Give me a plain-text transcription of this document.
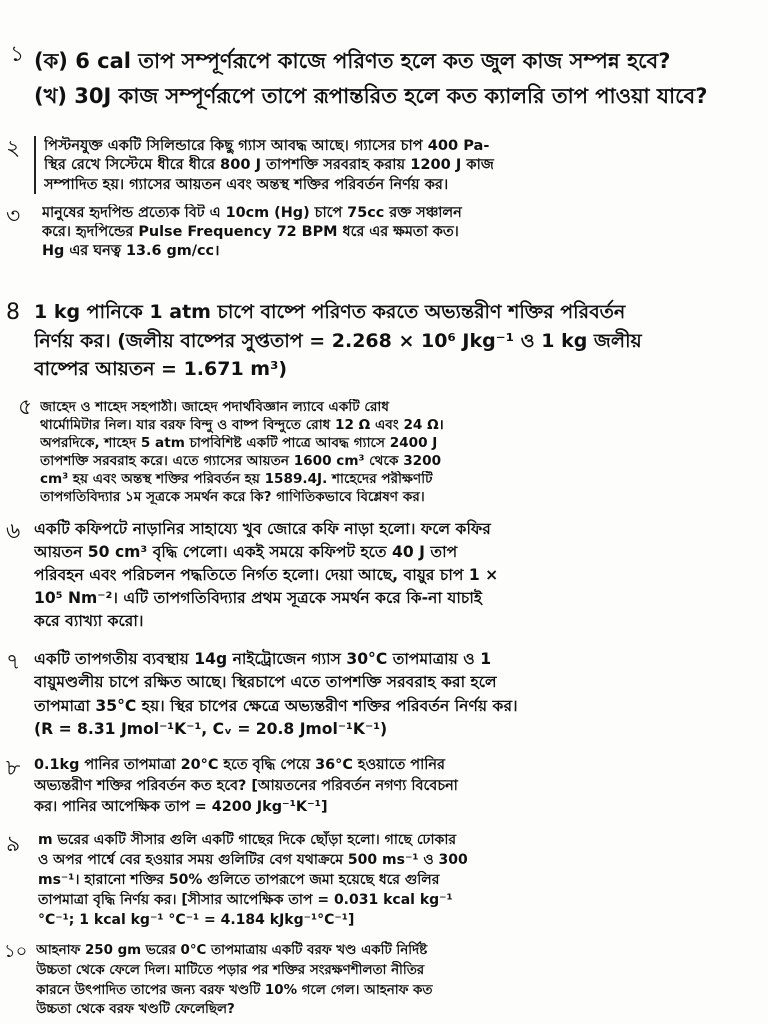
১ (ক) 6 cal তাপ সম্পূর্ণরূপে কাজে পরিণত হলে কত জুল কাজ সম্পন্ন হবে?
(খ) 30J কাজ সম্পূর্ণরূপে তাপে রূপান্তরিত হলে কত ক্যালরি তাপ পাওয়া যাবে?
২ পিস্টনযুক্ত একটি সিলিন্ডারে কিছু গ্যাস আবদ্ধ আছে। গ্যাসের চাপ 400 Pa-
স্থির রেখে সিস্টেমে ধীরে ধীরে 800 J তাপশক্তি সরবরাহ করায় 1200 J কাজ
সম্পাদিত হয়। গ্যাসের আয়তন এবং অন্তস্থ শক্তির পরিবর্তন নির্ণয় কর।
৩ মানুষের হৃদপিন্ড প্রত্যেক বিট এ 10cm (Hg) চাপে 75cc রক্ত সঞ্চালন
করে। হৃদপিন্ডের Pulse Frequency 72 BPM ধরে এর ক্ষমতা কত।
Hg এর ঘনত্ব 13.6 gm/cc।
8 1 kg পানিকে 1 atm চাপে বাষ্পে পরিণত করতে অভ্যন্তরীণ শক্তির পরিবর্তন
নির্ণয় কর। (জলীয় বাষ্পের সুপ্ততাপ = 2.268 × 10⁶ Jkg⁻¹ ও 1 kg জলীয়
বাষ্পের আয়তন = 1.671 m³)
৫ জাহেদ ও শাহেদ সহপাঠী। জাহেদ পদার্থবিজ্ঞান ল্যাবে একটি রোধ
থার্মোমিটার নিল। যার বরফ বিন্দু ও বাষ্প বিন্দুতে রোধ 12 Ω এবং 24 Ω।
অপরদিকে, শাহেদ 5 atm চাপবিশিষ্ট একটি পাত্রে আবদ্ধ গ্যাসে 2400 J
তাপশক্তি সরবরাহ করে। এতে গ্যাসের আয়তন 1600 cm³ থেকে 3200
cm³ হয় এবং অন্তস্থ শক্তির পরিবর্তন হয় 1589.4J. শাহেদের পরীক্ষণটি
তাপগতিবিদ্যার ১ম সূত্রকে সমর্থন করে কি? গাণিতিকভাবে বিশ্লেষণ কর।
৬ একটি কফিপটে নাড়ানির সাহায্যে খুব জোরে কফি নাড়া হলো। ফলে কফির
আয়তন 50 cm³ বৃদ্ধি পেলো। একই সময়ে কফিপট হতে 40 J তাপ
পরিবহন এবং পরিচলন পদ্ধতিতে নির্গত হলো। দেয়া আছে, বায়ুর চাপ 1 ×
10⁵ Nm⁻²। এটি তাপগতিবিদ্যার প্রথম সূত্রকে সমর্থন করে কি-না যাচাই
করে ব্যাখ্যা করো।
৭ একটি তাপগতীয় ব্যবস্থায় 14g নাইট্রোজেন গ্যাস 30°C তাপমাত্রায় ও 1
বায়ুমণ্ডলীয় চাপে রক্ষিত আছে। স্থিরচাপে এতে তাপশক্তি সরবরাহ করা হলে
তাপমাত্রা 35°C হয়। স্থির চাপের ক্ষেত্রে অভ্যন্তরীণ শক্তির পরিবর্তন নির্ণয় কর।
(R = 8.31 Jmol⁻¹K⁻¹, Cᵥ = 20.8 Jmol⁻¹K⁻¹)
৮ 0.1kg পানির তাপমাত্রা 20°C হতে বৃদ্ধি পেয়ে 36°C হওয়াতে পানির
অভ্যন্তরীণ শক্তির পরিবর্তন কত হবে? [আয়তনের পরিবর্তন নগণ্য বিবেচনা
কর। পানির আপেক্ষিক তাপ = 4200 Jkg⁻¹K⁻¹]
৯ m ভরের একটি সীসার গুলি একটি গাছের দিকে ছোঁড়া হলো। গাছে ঢোকার
ও অপর পার্শ্বে বের হওয়ার সময় গুলিটির বেগ যথাক্রমে 500 ms⁻¹ ও 300
ms⁻¹। হারানো শক্তির 50% গুলিতে তাপরূপে জমা হয়েছে ধরে গুলির
তাপমাত্রা বৃদ্ধি নির্ণয় কর। [সীসার আপেক্ষিক তাপ = 0.031 kcal kg⁻¹
°C⁻¹; 1 kcal kg⁻¹ °C⁻¹ = 4.184 kJkg⁻¹°C⁻¹]
১০ আহনাফ 250 gm ভরের 0°C তাপমাত্রায় একটি বরফ খণ্ড একটি নির্দিষ্ট
উচ্চতা থেকে ফেলে দিল। মাটিতে পড়ার পর শক্তির সংরক্ষণশীলতা নীতির
কারনে উৎপাদিত তাপের জন্য বরফ খণ্ডটি 10% গলে গেল। আহনাফ কত
উচ্চতা থেকে বরফ খণ্ডটি ফেলেছিল?
